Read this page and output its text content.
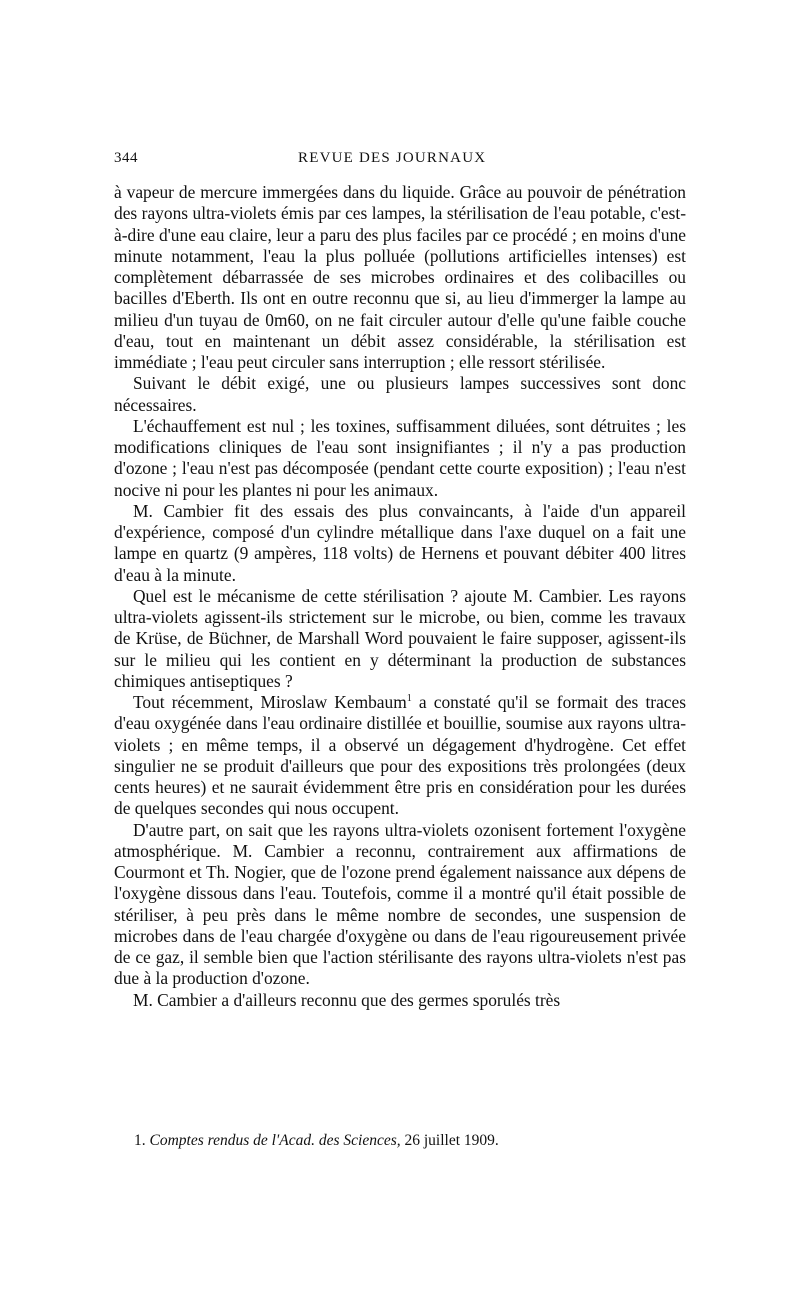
344	REVUE DES JOURNAUX

à vapeur de mercure immergées dans du liquide. Grâce au pouvoir de pénétration des rayons ultra-violets émis par ces lampes, la stérilisation de l'eau potable, c'est-à-dire d'une eau claire, leur a paru des plus faciles par ce procédé ; en moins d'une minute notamment, l'eau la plus polluée (pollutions artificielles intenses) est complètement débarrassée de ses microbes ordinaires et des colibacilles ou bacilles d'Eberth. Ils ont en outre reconnu que si, au lieu d'immerger la lampe au milieu d'un tuyau de 0m60, on ne fait circuler autour d'elle qu'une faible couche d'eau, tout en maintenant un débit assez considérable, la stérilisation est immédiate ; l'eau peut circuler sans interruption ; elle ressort stérilisée.

Suivant le débit exigé, une ou plusieurs lampes successives sont donc nécessaires.

L'échauffement est nul ; les toxines, suffisamment diluées, sont détruites ; les modifications cliniques de l'eau sont insignifiantes ; il n'y a pas production d'ozone ; l'eau n'est pas décomposée (pendant cette courte exposition) ; l'eau n'est nocive ni pour les plantes ni pour les animaux.

M. Cambier fit des essais des plus convaincants, à l'aide d'un appareil d'expérience, composé d'un cylindre métallique dans l'axe duquel on a fait une lampe en quartz (9 ampères, 118 volts) de Hernens et pouvant débiter 400 litres d'eau à la minute.

Quel est le mécanisme de cette stérilisation ? ajoute M. Cambier. Les rayons ultra-violets agissent-ils strictement sur le microbe, ou bien, comme les travaux de Krüse, de Büchner, de Marshall Word pouvaient le faire supposer, agissent-ils sur le milieu qui les contient en y déterminant la production de substances chimiques antiseptiques ?

Tout récemment, Miroslaw Kembaum$^1$ a constaté qu'il se formait des traces d'eau oxygénée dans l'eau ordinaire distillée et bouillie, soumise aux rayons ultra-violets ; en même temps, il a observé un dégagement d'hydrogène. Cet effet singulier ne se produit d'ailleurs que pour des expositions très prolongées (deux cents heures) et ne saurait évidemment être pris en considération pour les durées de quelques secondes qui nous occupent.

D'autre part, on sait que les rayons ultra-violets ozonisent fortement l'oxygène atmosphérique. M. Cambier a reconnu, contrairement aux affirmations de Courmont et Th. Nogier, que de l'ozone prend également naissance aux dépens de l'oxygène dissous dans l'eau. Toutefois, comme il a montré qu'il était possible de stériliser, à peu près dans le même nombre de secondes, une suspension de microbes dans de l'eau chargée d'oxygène ou dans de l'eau rigoureusement privée de ce gaz, il semble bien que l'action stérilisante des rayons ultra-violets n'est pas due à la production d'ozone.

M. Cambier a d'ailleurs reconnu que des germes sporulés très

1. Comptes rendus de l'Acad. des Sciences, 26 juillet 1909.
